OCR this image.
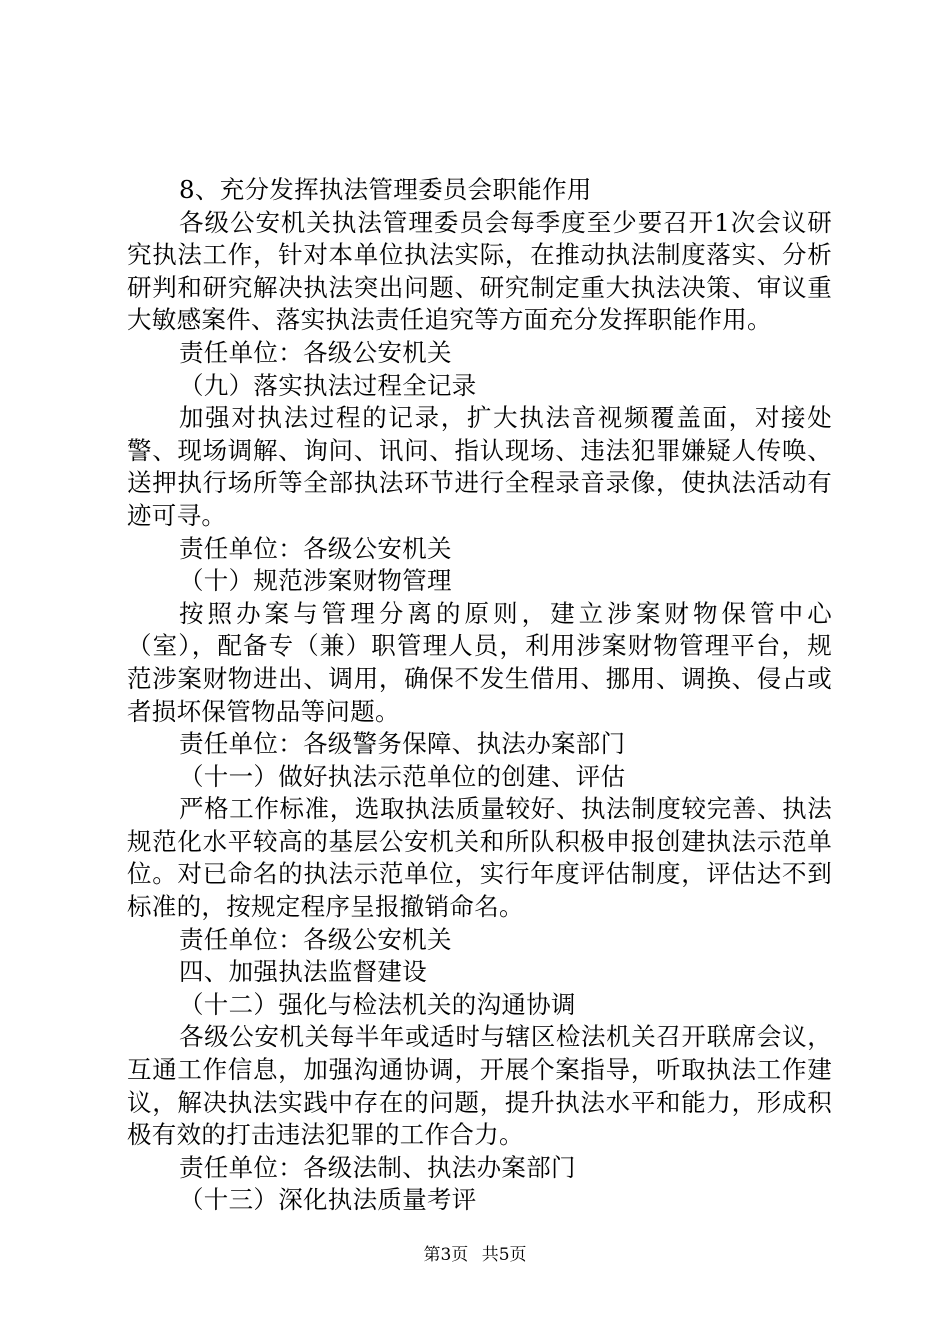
8、充分发挥执法管理委员会职能作用

各级公安机关执法管理委员会每季度至少要召开1次会议研究执法工作，针对本单位执法实际，在推动执法制度落实、分析研判和研究解决执法突出问题、研究制定重大执法决策、审议重大敏感案件、落实执法责任追究等方面充分发挥职能作用。

责任单位：各级公安机关

（九）落实执法过程全记录

加强对执法过程的记录，扩大执法音视频覆盖面，对接处警、现场调解、询问、讯问、指认现场、违法犯罪嫌疑人传唤、送押执行场所等全部执法环节进行全程录音录像，使执法活动有迹可寻。

责任单位：各级公安机关

（十）规范涉案财物管理

按照办案与管理分离的原则，建立涉案财物保管中心（室），配备专（兼）职管理人员，利用涉案财物管理平台，规范涉案财物进出、调用，确保不发生借用、挪用、调换、侵占或者损坏保管物品等问题。

责任单位：各级警务保障、执法办案部门

（十一）做好执法示范单位的创建、评估

严格工作标准，选取执法质量较好、执法制度较完善、执法规范化水平较高的基层公安机关和所队积极申报创建执法示范单位。对已命名的执法示范单位，实行年度评估制度，评估达不到标准的，按规定程序呈报撤销命名。

责任单位：各级公安机关

四、加强执法监督建设

（十二）强化与检法机关的沟通协调

各级公安机关每半年或适时与辖区检法机关召开联席会议，互通工作信息，加强沟通协调，开展个案指导，听取执法工作建议，解决执法实践中存在的问题，提升执法水平和能力，形成积极有效的打击违法犯罪的工作合力。

责任单位：各级法制、执法办案部门

（十三）深化执法质量考评

第3页 共5页
